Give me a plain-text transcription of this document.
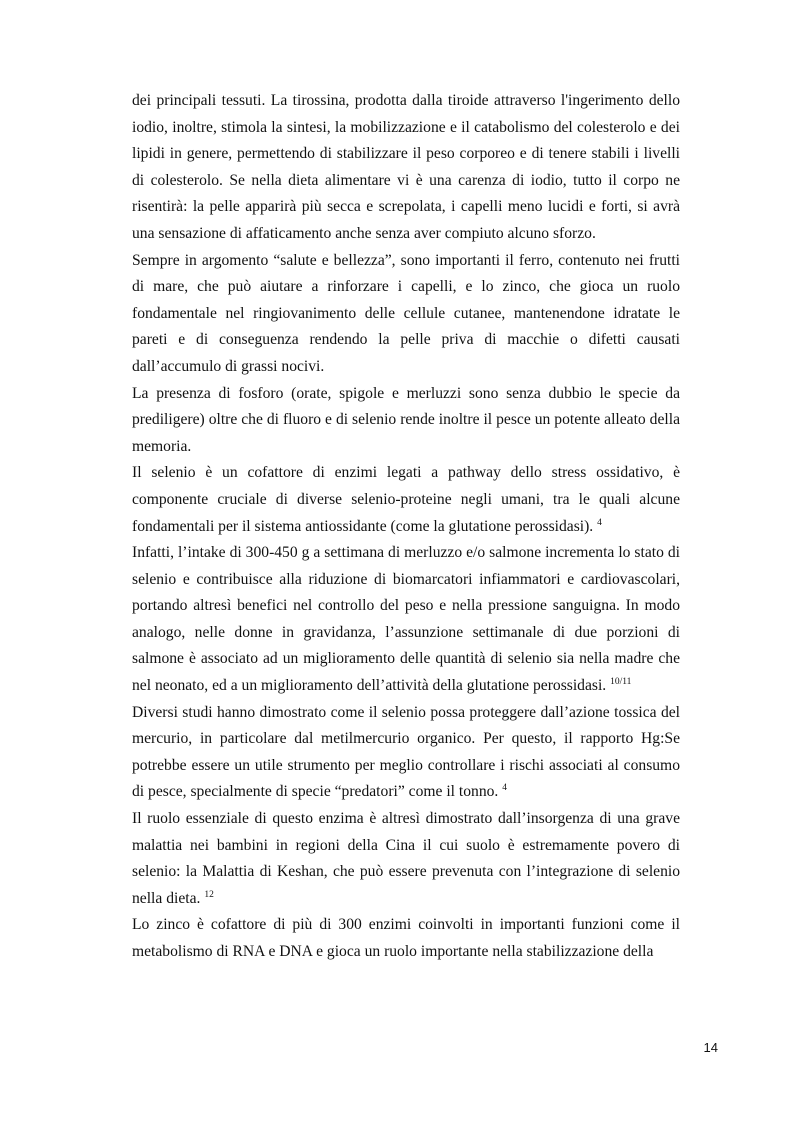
dei principali tessuti. La tirossina, prodotta dalla tiroide attraverso l'ingerimento dello iodio, inoltre, stimola la sintesi, la mobilizzazione e il catabolismo del colesterolo e dei lipidi in genere, permettendo di stabilizzare il peso corporeo e di tenere stabili i livelli di colesterolo. Se nella dieta alimentare vi è una carenza di iodio, tutto il corpo ne risentirà: la pelle apparirà più secca e screpolata, i capelli meno lucidi e forti, si avrà una sensazione di affaticamento anche senza aver compiuto alcuno sforzo.

Sempre in argomento “salute e bellezza”, sono importanti il ferro, contenuto nei frutti di mare, che può aiutare a rinforzare i capelli, e lo zinco, che gioca un ruolo fondamentale nel ringiovanimento delle cellule cutanee, mantenendone idratate le pareti e di conseguenza rendendo la pelle priva di macchie o difetti causati dall’accumulo di grassi nocivi.

La presenza di fosforo (orate, spigole e merluzzi sono senza dubbio le specie da prediligere) oltre che di fluoro e di selenio rende inoltre il pesce un potente alleato della memoria.

Il selenio è un cofattore di enzimi legati a pathway dello stress ossidativo, è componente cruciale di diverse selenio-proteine negli umani, tra le quali alcune fondamentali per il sistema antiossidante (come la glutatione perossidasi). $^4$

Infatti, l’intake di 300-450 g a settimana di merluzzo e/o salmone incrementa lo stato di selenio e contribuisce alla riduzione di biomarcatori infiammatori e cardiovascolari, portando altresì benefici nel controllo del peso e nella pressione sanguigna. In modo analogo, nelle donne in gravidanza, l’assunzione settimanale di due porzioni di salmone è associato ad un miglioramento delle quantità di selenio sia nella madre che nel neonato, ed a un miglioramento dell’attività della glutatione perossidasi. $^{10/11}$

Diversi studi hanno dimostrato come il selenio possa proteggere dall’azione tossica del mercurio, in particolare dal metilmercurio organico. Per questo, il rapporto Hg:Se potrebbe essere un utile strumento per meglio controllare i rischi associati al consumo di pesce, specialmente di specie “predatori” come il tonno. $^4$

Il ruolo essenziale di questo enzima è altresì dimostrato dall’insorgenza di una grave malattia nei bambini in regioni della Cina il cui suolo è estremamente povero di selenio: la Malattia di Keshan, che può essere prevenuta con l’integrazione di selenio nella dieta. $^{12}$

Lo zinco è cofattore di più di 300 enzimi coinvolti in importanti funzioni come il metabolismo di RNA e DNA e gioca un ruolo importante nella stabilizzazione della

14
